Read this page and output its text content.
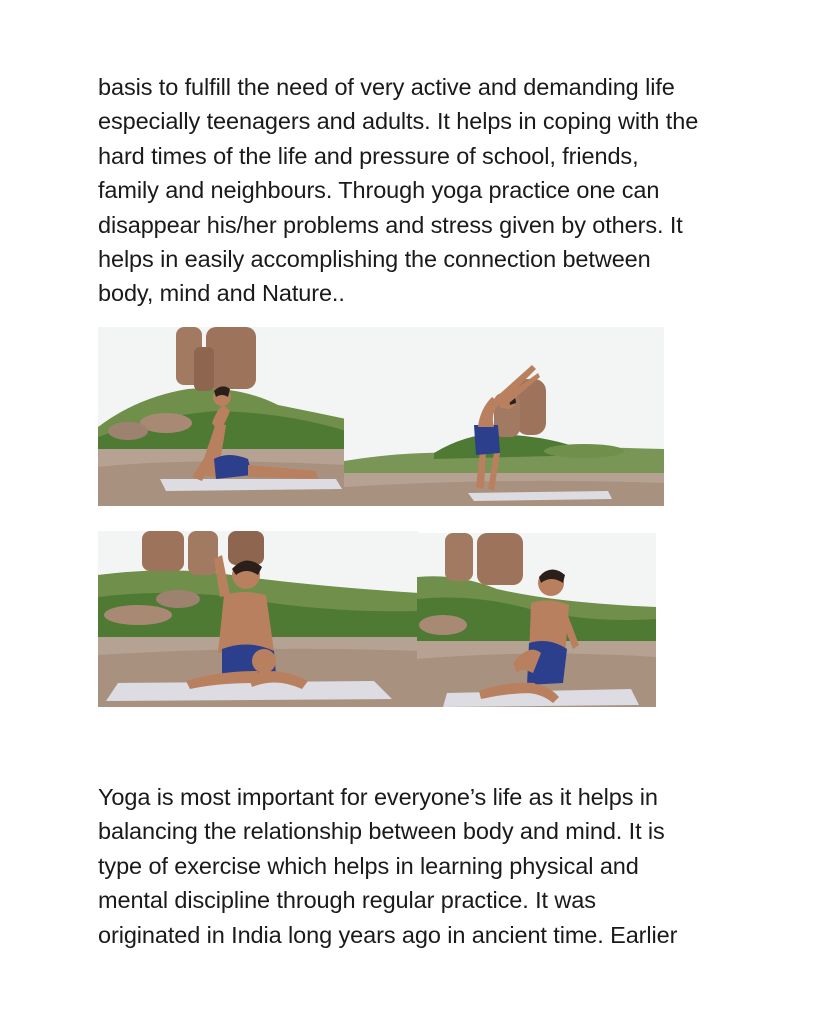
basis to fulfill the need of very active and demanding life
especially teenagers and adults. It helps in coping with the
hard times of the life and pressure of school, friends,
family and neighbours. Through yoga practice one can
disappear his/her problems and stress given by others. It
helps in easily accomplishing the connection between
body, mind and Nature..

Yoga is most important for everyone’s life as it helps in
balancing the relationship between body and mind. It is
type of exercise which helps in learning physical and
mental discipline through regular practice. It was
originated in India long years ago in ancient time. Earlier
